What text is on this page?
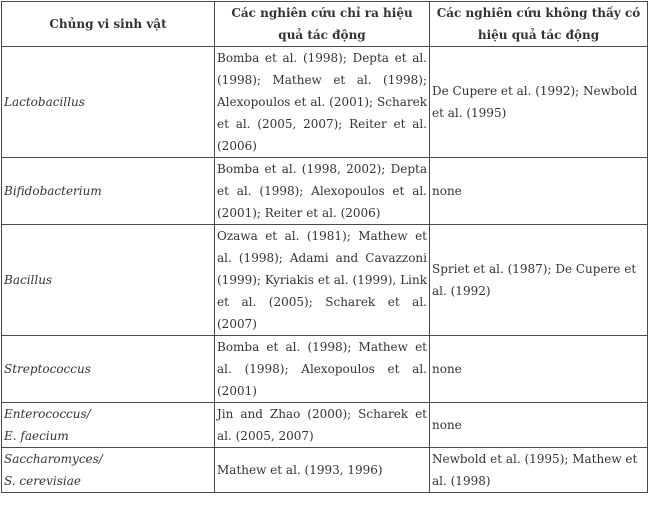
Chủng vi sinh vật	Các nghiên cứu chỉ ra hiệu quả tác động	Các nghiên cứu không thấy có hiệu quả tác động

Lactobacillus	Bomba et al. (1998); Depta et al. (1998); Mathew et al. (1998); Alexopoulos et al. (2001); Scharek et al. (2005, 2007); Reiter et al. (2006)	De Cupere et al. (1992); Newbold et al. (1995)

Bifidobacterium	Bomba et al. (1998, 2002); Depta et al. (1998); Alexopoulos et al. (2001); Reiter et al. (2006)	none

Bacillus	Ozawa et al. (1981); Mathew et al. (1998); Adami and Cavazzoni (1999); Kyriakis et al. (1999), Link et al. (2005); Scharek et al. (2007)	Spriet et al. (1987); De Cupere et al. (1992)

Streptococcus	Bomba et al. (1998); Mathew et al. (1998); Alexopoulos et al. (2001)	none

Enterococcus/
E. faecium	Jin and Zhao (2000); Scharek et al. (2005, 2007)	none

Saccharomyces/
S. cerevisiae	Mathew et al. (1993, 1996)	Newbold et al. (1995); Mathew et al. (1998)
